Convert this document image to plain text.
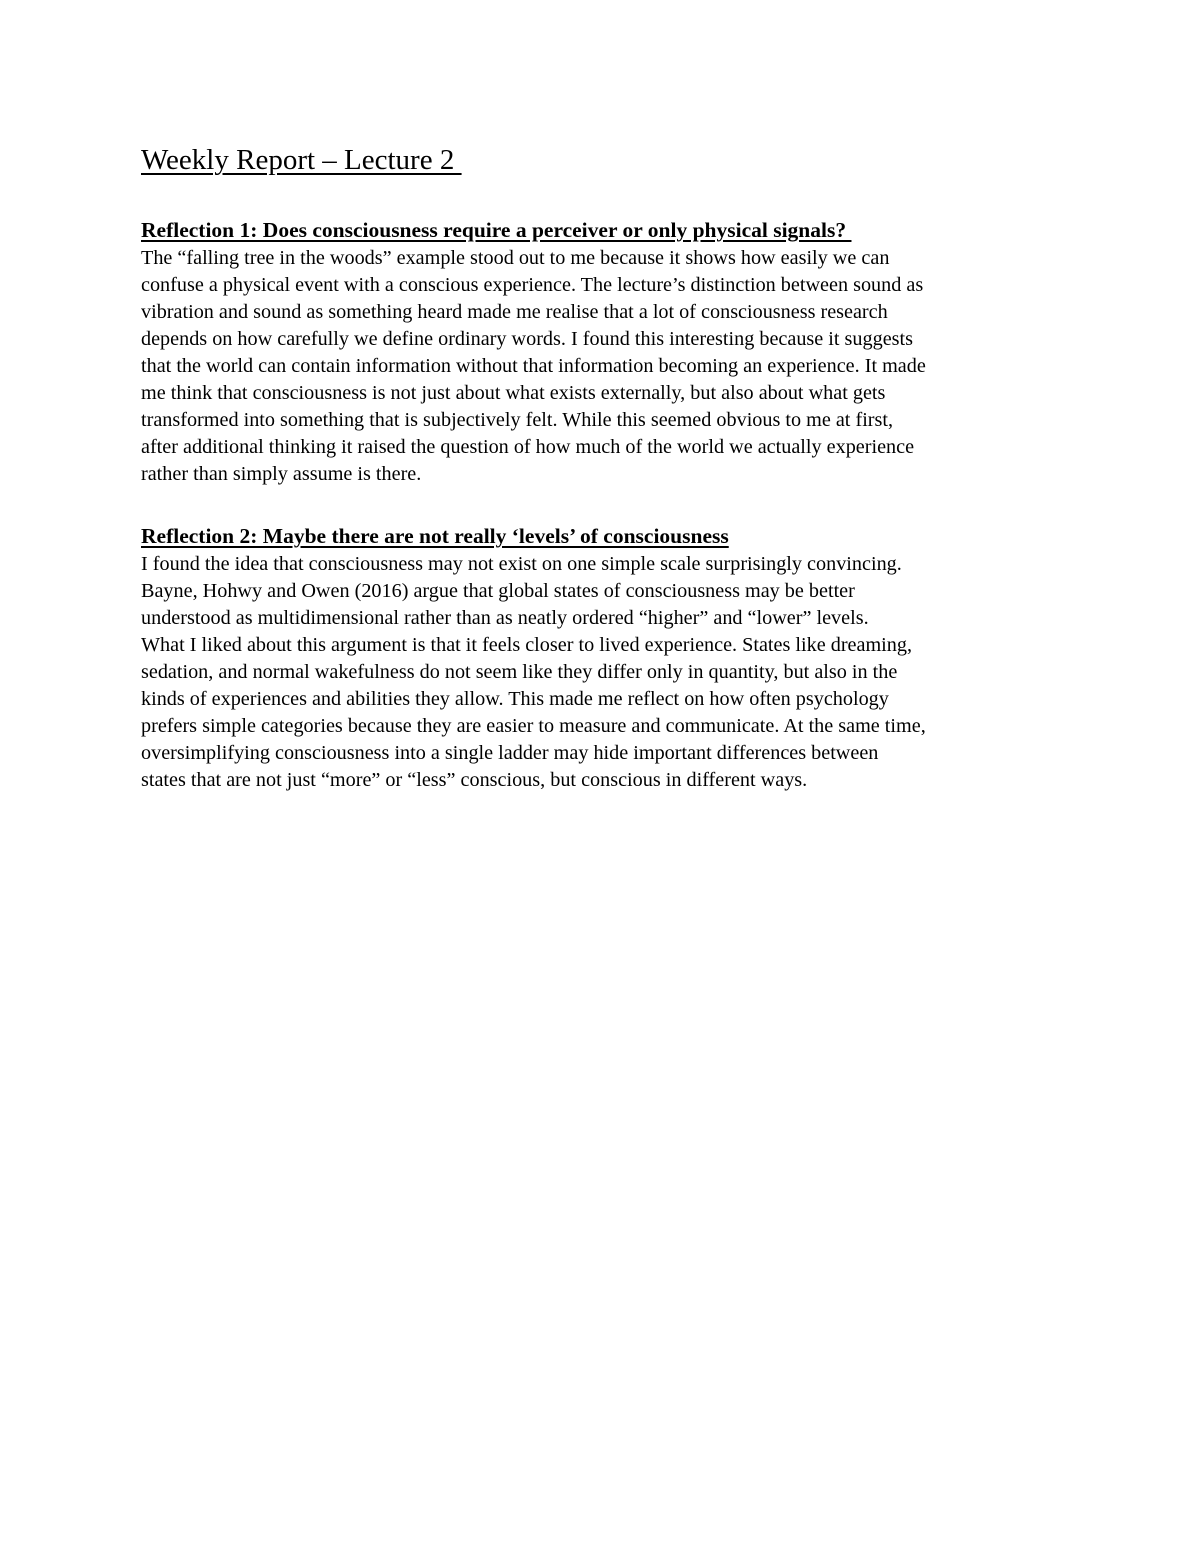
Weekly Report – Lecture 2
Reflection 1: Does consciousness require a perceiver or only physical signals?

The “falling tree in the woods” example stood out to me because it shows how easily we can
confuse a physical event with a conscious experience. The lecture’s distinction between sound as
vibration and sound as something heard made me realise that a lot of consciousness research
depends on how carefully we define ordinary words. I found this interesting because it suggests
that the world can contain information without that information becoming an experience. It made
me think that consciousness is not just about what exists externally, but also about what gets
transformed into something that is subjectively felt. While this seemed obvious to me at first,
after additional thinking it raised the question of how much of the world we actually experience
rather than simply assume is there.

Reflection 2: Maybe there are not really ‘levels’ of consciousness

I found the idea that consciousness may not exist on one simple scale surprisingly convincing.
Bayne, Hohwy and Owen (2016) argue that global states of consciousness may be better
understood as multidimensional rather than as neatly ordered “higher” and “lower” levels.
What I liked about this argument is that it feels closer to lived experience. States like dreaming,
sedation, and normal wakefulness do not seem like they differ only in quantity, but also in the
kinds of experiences and abilities they allow. This made me reflect on how often psychology
prefers simple categories because they are easier to measure and communicate. At the same time,
oversimplifying consciousness into a single ladder may hide important differences between
states that are not just “more” or “less” conscious, but conscious in different ways.
